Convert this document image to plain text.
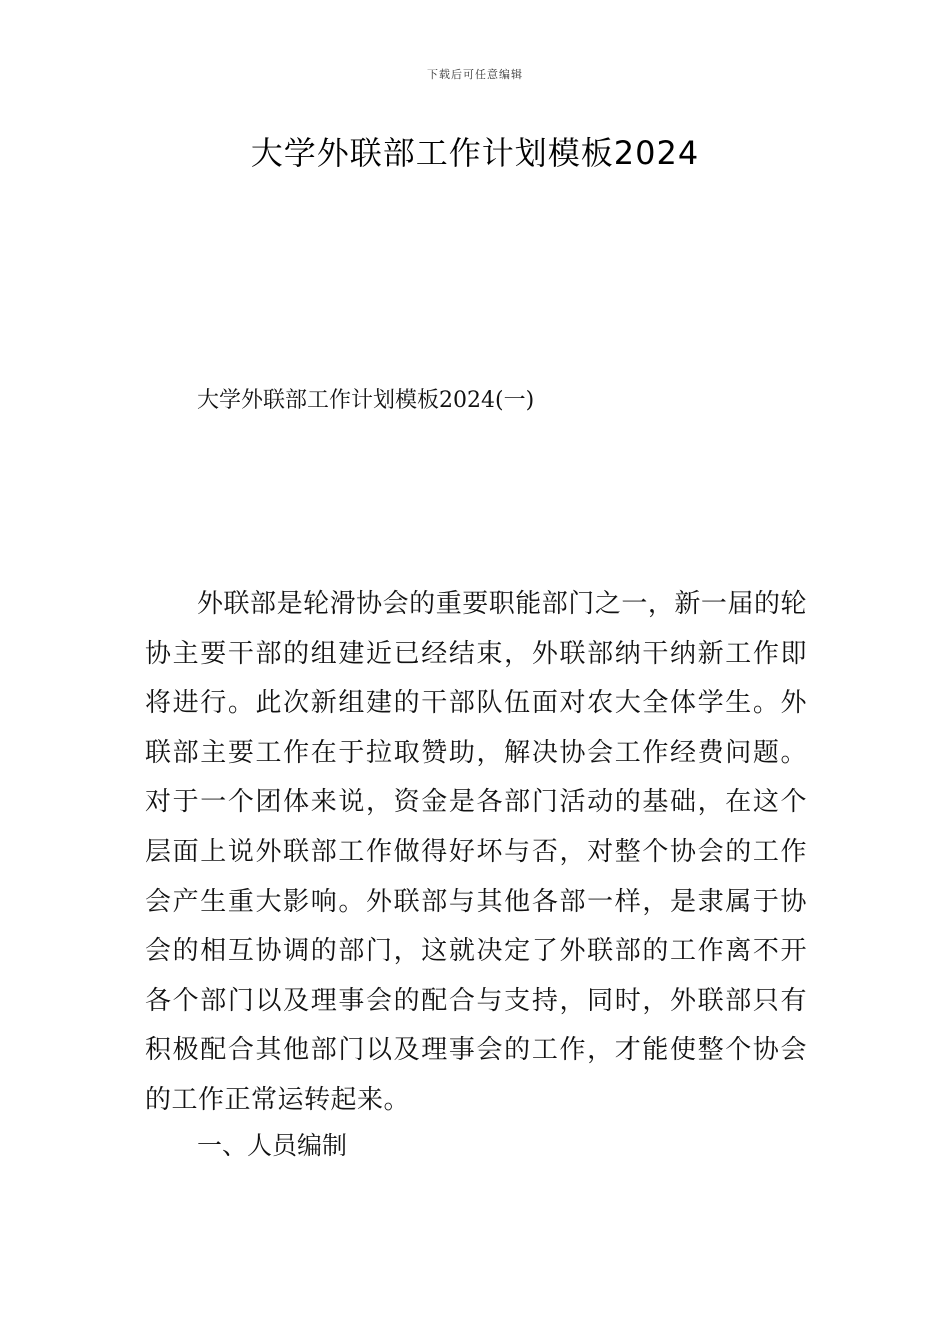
下载后可任意编辑
大学外联部工作计划模板2024
大学外联部工作计划模板2024(一)

外联部是轮滑协会的重要职能部门之一，新一届的轮协主要干部的组建近已经结束，外联部纳干纳新工作即将进行。此次新组建的干部队伍面对农大全体学生。外联部主要工作在于拉取赞助，解决协会工作经费问题。对于一个团体来说，资金是各部门活动的基础，在这个层面上说外联部工作做得好坏与否，对整个协会的工作会产生重大影响。外联部与其他各部一样，是隶属于协会的相互协调的部门，这就决定了外联部的工作离不开各个部门以及理事会的配合与支持，同时，外联部只有积极配合其他部门以及理事会的工作，才能使整个协会的工作正常运转起来。

一、人员编制
